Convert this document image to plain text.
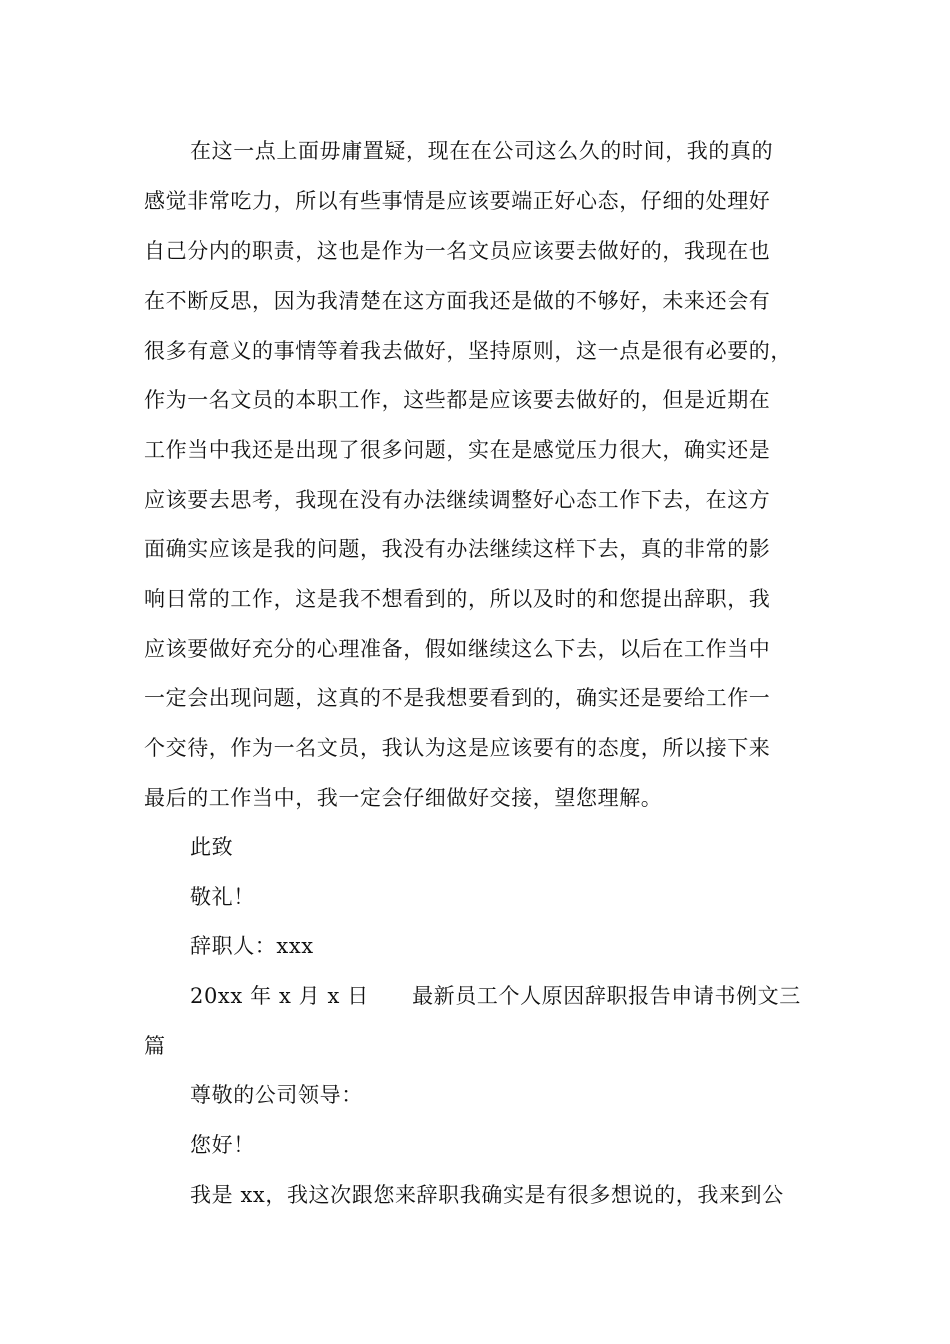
在这一点上面毋庸置疑，现在在公司这么久的时间，我的真的
感觉非常吃力，所以有些事情是应该要端正好心态，仔细的处理好
自己分内的职责，这也是作为一名文员应该要去做好的，我现在也
在不断反思，因为我清楚在这方面我还是做的不够好，未来还会有
很多有意义的事情等着我去做好，坚持原则，这一点是很有必要的，
作为一名文员的本职工作，这些都是应该要去做好的，但是近期在
工作当中我还是出现了很多问题，实在是感觉压力很大，确实还是
应该要去思考，我现在没有办法继续调整好心态工作下去，在这方
面确实应该是我的问题，我没有办法继续这样下去，真的非常的影
响日常的工作，这是我不想看到的，所以及时的和您提出辞职，我
应该要做好充分的心理准备，假如继续这么下去，以后在工作当中
一定会出现问题，这真的不是我想要看到的，确实还是要给工作一
个交待，作为一名文员，我认为这是应该要有的态度，所以接下来
最后的工作当中，我一定会仔细做好交接，望您理解。
此致
敬礼！
辞职人：xxx
20xx 年 x 月 x 日　　最新员工个人原因辞职报告申请书例文三
篇
尊敬的公司领导：
您好！
我是 xx，我这次跟您来辞职我确实是有很多想说的，我来到公
